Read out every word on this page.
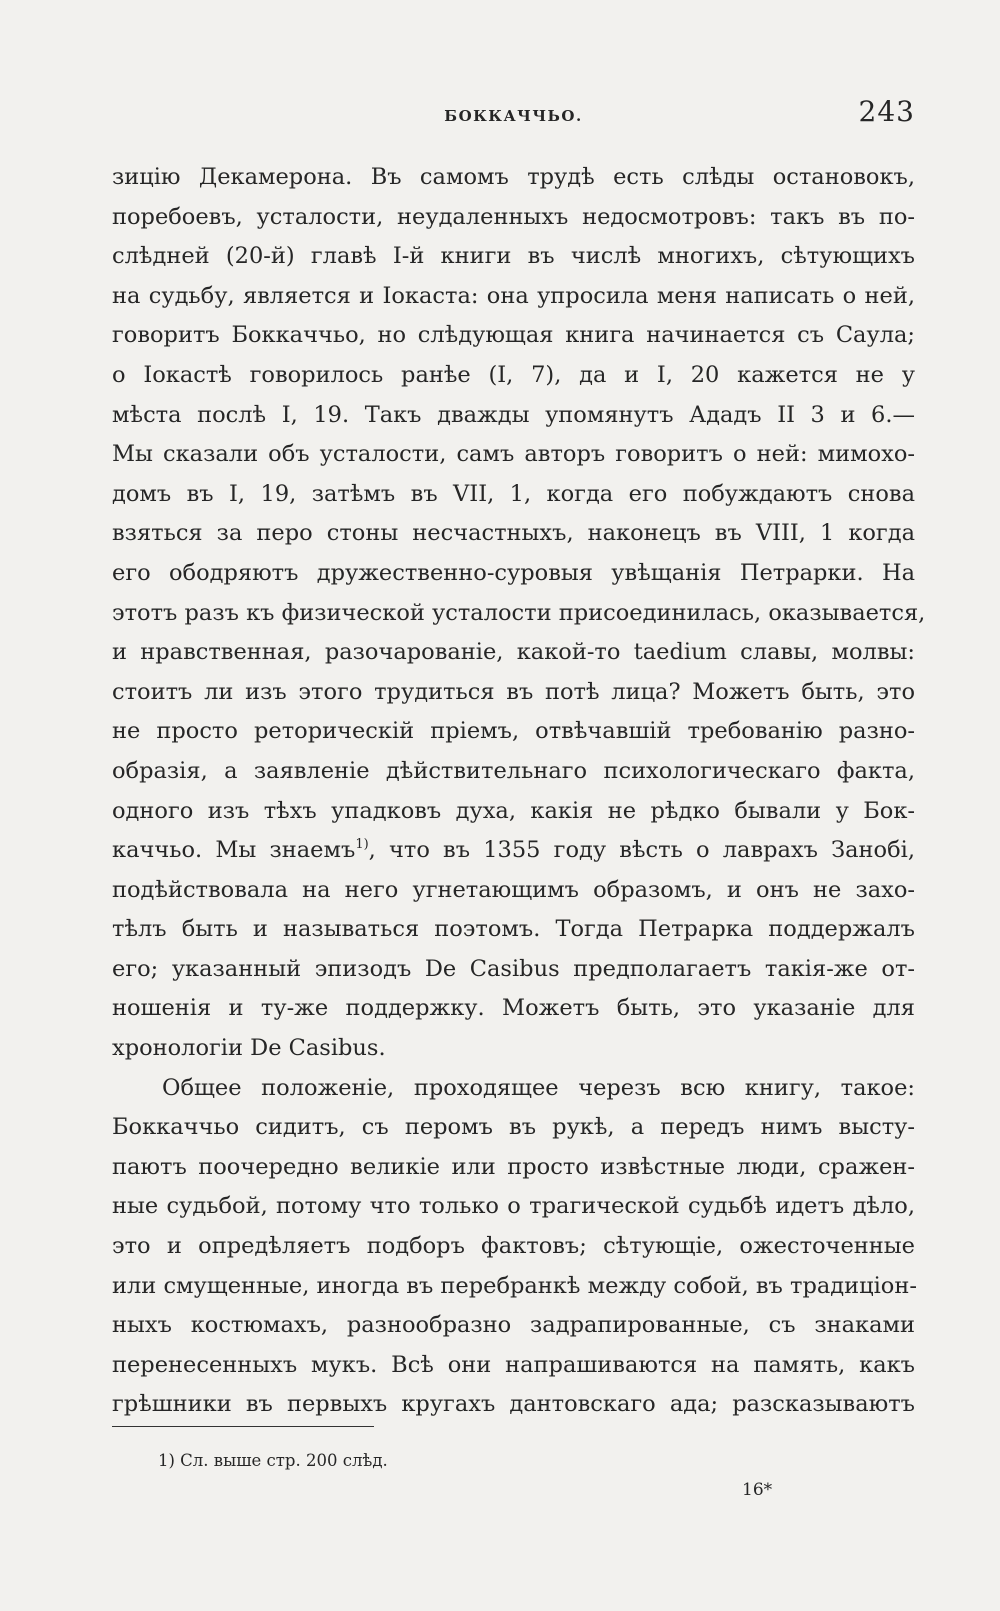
БОККАЧЧЬО.	243
зицію Декамерона. Въ самомъ трудѣ есть слѣды остановокъ,
поребоевъ, усталости, неудаленныхъ недосмотровъ: такъ въ по-
слѣдней (20-й) главѣ I-й книги въ числѣ многихъ, сѣтующихъ
на судьбу, является и Іокаста: она упросила меня написать о ней,
говоритъ Боккаччьо, но слѣдующая книга начинается съ Саула;
о Іокастѣ говорилось ранѣе (I, 7), да и I, 20 кажется не у
мѣста послѣ I, 19. Такъ дважды упомянутъ Ададъ II 3 и 6.—
Мы сказали объ усталости, самъ авторъ говоритъ о ней: мимохо-
домъ въ I, 19, затѣмъ въ VII, 1, когда его побуждаютъ снова
взяться за перо стоны несчастныхъ, наконецъ въ VIII, 1 когда
его ободряютъ дружественно-суровыя увѣщанія Петрарки. На
этотъ разъ къ физической усталости присоединилась, оказывается,
и нравственная, разочарованіе, какой-то taedium славы, молвы:
стоитъ ли изъ этого трудиться въ потѣ лица? Можетъ быть, это
не просто реторическій пріемъ, отвѣчавшій требованію разно-
образія, а заявленіе дѣйствительнаго психологическаго факта,
одного изъ тѣхъ упадковъ духа, какія не рѣдко бывали у Бок-
каччьо. Мы знаемъ$^{1)}$, что въ 1355 году вѣсть о лаврахъ Занобі,
подѣйствовала на него угнетающимъ образомъ, и онъ не захо-
тѣлъ быть и называться поэтомъ. Тогда Петрарка поддержалъ
его; указанный эпизодъ De Casibus предполагаетъ такія-же от-
ношенія и ту-же поддержку. Можетъ быть, это указаніе для
хронологіи De Casibus.
Общее положеніе, проходящее черезъ всю книгу, такое:
Боккаччьо сидитъ, съ перомъ въ рукѣ, а передъ нимъ высту-
паютъ поочередно великіе или просто извѣстные люди, сражен-
ные судьбой, потому что только о трагической судьбѣ идетъ дѣло,
это и опредѣляетъ подборъ фактовъ; сѣтующіе, ожесточенные
или смущенные, иногда въ перебранкѣ между собой, въ традиціон-
ныхъ костюмахъ, разнообразно задрапированные, съ знаками
перенесенныхъ мукъ. Всѣ они напрашиваются на память, какъ
грѣшники въ первыхъ кругахъ дантовскаго ада; разсказываютъ
1) Сл. выше стр. 200 слѣд.
16*
